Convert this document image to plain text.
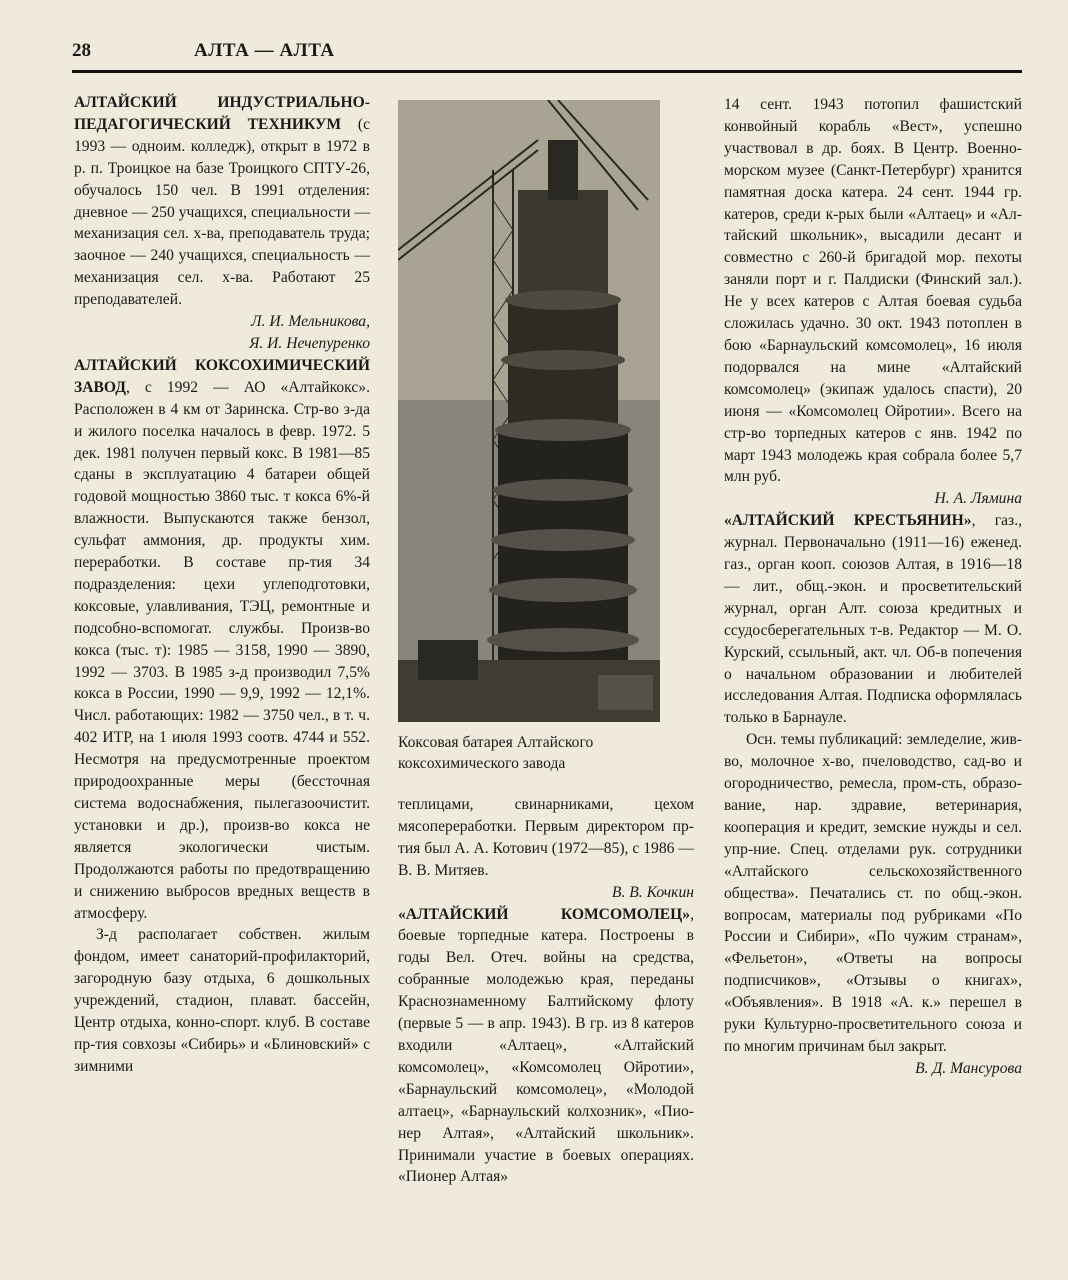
28	АЛТА — АЛТА

АЛТАЙСКИЙ ИНДУСТРИАЛЬНО-ПЕДАГОГИЧЕСКИЙ ТЕХНИКУМ (с 1993 — одноим. колледж), открыт в 1972 в р. п. Троицкое на базе Троицкого СПТУ-26, обучалось 150 чел. В 1991 отделения: дневное — 250 учащихся, специальности — механизация сел. х-ва, преподаватель труда; заочное — 240 учащихся, специальность — механизация сел. х-ва. Работают 25 преподавателей.

Л. И. Мельникова,

Я. И. Нечепуренко

АЛТАЙСКИЙ КОКСОХИМИЧЕСКИЙ ЗАВОД, с 1992 — АО «Алтайкокс». Расположен в 4 км от Заринска. Стр-во з-да и жилого поселка началось в февр. 1972. 5 дек. 1981 получен первый кокс. В 1981—85 сданы в эксплуатацию 4 батареи общей годовой мощностью 3860 тыс. т кокса 6%-й влажности. Выпускаются также бензол, сульфат аммония, др. продукты хим. переработки. В составе пр-тия 34 подразделения: цехи углеподготовки, коксовые, улавливания, ТЭЦ, ремонтные и подсобно-вспомогат. службы. Произв-во кокса (тыс. т): 1985 — 3158, 1990 — 3890, 1992 — 3703. В 1985 з-д производил 7,5% кокса в России, 1990 — 9,9, 1992 — 12,1%. Числ. работающих: 1982 — 3750 чел., в т. ч. 402 ИТР, на 1 июля 1993 соотв. 4744 и 552. Несмотря на предусмотренные проектом природоохранные меры (бессточная система водоснабжения, пылегазоочистит. установки и др.), произв-во кокса не является экологически чистым. Продолжаются работы по предотвращению и снижению выбросов вредных веществ в атмосферу.

З-д располагает собствен. жилым фондом, имеет санаторий-профилакторий, загородную базу отдыха, 6 дошкольных учреждений, стадион, плават. бассейн, Центр отдыха, конно-спорт. клуб. В составе пр-тия совхозы «Сибирь» и «Блиновский» с зимними

Коксовая батарея Алтайского коксохимического завода

теплицами, свинарниками, цехом мясопереработки. Первым директором пр-тия был А. А. Котович (1972—85), с 1986 — В. В. Митяев.

В. В. Кочкин

«АЛТАЙСКИЙ КОМСОМОЛЕЦ», боевые торпедные катера. Построены в годы Вел. Отеч. войны на средства, собранные молодежью края, переданы Краснознаменному Балтийскому флоту (первые 5 — в апр. 1943). В гр. из 8 катеров входили «Алтаец», «Алтайский комсомолец», «Комсомолец Ойротии», «Барнаульский комсомолец», «Молодой алтаец», «Барнаульский колхозник», «Пионер Алтая», «Алтайский школьник». Принимали участие в боевых операциях. «Пионер Алтая»

14 сент. 1943 потопил фашистский конвойный корабль «Вест», успешно участвовал в др. боях. В Центр. Военно-морском музее (Санкт-Петербург) хранится памятная доска катера. 24 сент. 1944 гр. катеров, среди к-рых были «Алтаец» и «Алтайский школьник», высадили десант и совместно с 260-й бригадой мор. пехоты заняли порт и г. Палдиски (Финский зал.). Не у всех катеров с Алтая боевая судьба сложилась удачно. 30 окт. 1943 потоплен в бою «Барнаульский комсомолец», 16 июля подорвался на мине «Алтайский комсомолец» (экипаж удалось спасти), 20 июня — «Комсомолец Ойротии». Всего на стр-во торпедных катеров с янв. 1942 по март 1943 молодежь края собрала более 5,7 млн руб.

Н. А. Лямина

«АЛТАЙСКИЙ КРЕСТЬЯНИН», газ., журнал. Первоначально (1911—16) еженед. газ., орган кооп. союзов Алтая, в 1916—18 — лит., общ.-экон. и просветительский журнал, орган Алт. союза кредитных и ссудосберегательных т-в. Редактор — М. О. Курский, ссыльный, акт. чл. Об-в попечения о начальном образовании и любителей исследования Алтая. Подписка оформлялась только в Барнауле.

Осн. темы публикаций: земледелие, жив-во, молочное х-во, пчеловодство, сад-во и огородничество, ремесла, пром-сть, образование, нар. здравие, ветеринария, кооперация и кредит, земские нужды и сел. упр-ние. Спец. отделами рук. сотрудники «Алтайского сельскохозяйственного общества». Печатались ст. по общ.-экон. вопросам, материалы под рубриками «По России и Сибири», «По чужим странам», «Фельетон», «Ответы на вопросы подписчиков», «Отзывы о книгах», «Объявления». В 1918 «А. к.» перешел в руки Культурно-просветительного союза и по многим причинам был закрыт.

В. Д. Мансурова
